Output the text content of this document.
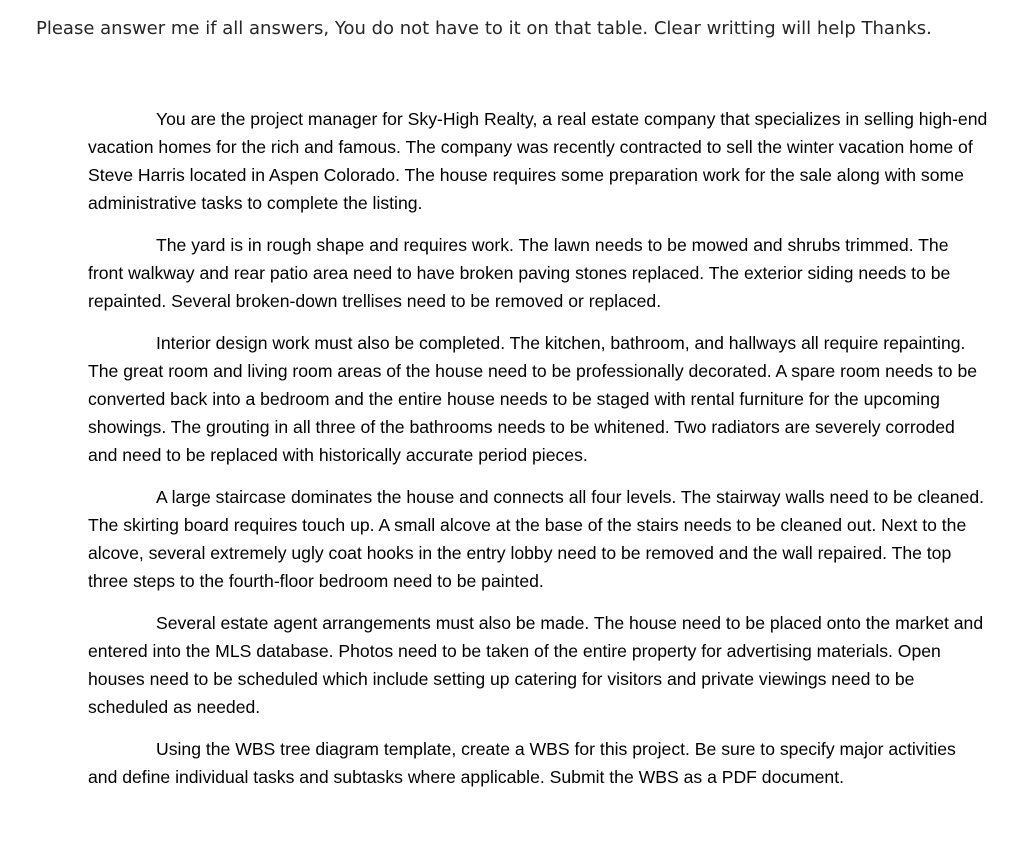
Please answer me if all answers, You do not have to it on that table. Clear writting will help Thanks.

You are the project manager for Sky-High Realty, a real estate company that specializes in selling high-end vacation homes for the rich and famous. The company was recently contracted to sell the winter vacation home of Steve Harris located in Aspen Colorado. The house requires some preparation work for the sale along with some administrative tasks to complete the listing.

The yard is in rough shape and requires work. The lawn needs to be mowed and shrubs trimmed. The front walkway and rear patio area need to have broken paving stones replaced. The exterior siding needs to be repainted. Several broken-down trellises need to be removed or replaced.

Interior design work must also be completed. The kitchen, bathroom, and hallways all require repainting. The great room and living room areas of the house need to be professionally decorated. A spare room needs to be converted back into a bedroom and the entire house needs to be staged with rental furniture for the upcoming showings. The grouting in all three of the bathrooms needs to be whitened. Two radiators are severely corroded and need to be replaced with historically accurate period pieces.

A large staircase dominates the house and connects all four levels. The stairway walls need to be cleaned. The skirting board requires touch up. A small alcove at the base of the stairs needs to be cleaned out. Next to the alcove, several extremely ugly coat hooks in the entry lobby need to be removed and the wall repaired. The top three steps to the fourth-floor bedroom need to be painted.

Several estate agent arrangements must also be made. The house need to be placed onto the market and entered into the MLS database. Photos need to be taken of the entire property for advertising materials. Open houses need to be scheduled which include setting up catering for visitors and private viewings need to be scheduled as needed.

Using the WBS tree diagram template, create a WBS for this project. Be sure to specify major activities and define individual tasks and subtasks where applicable. Submit the WBS as a PDF document.
